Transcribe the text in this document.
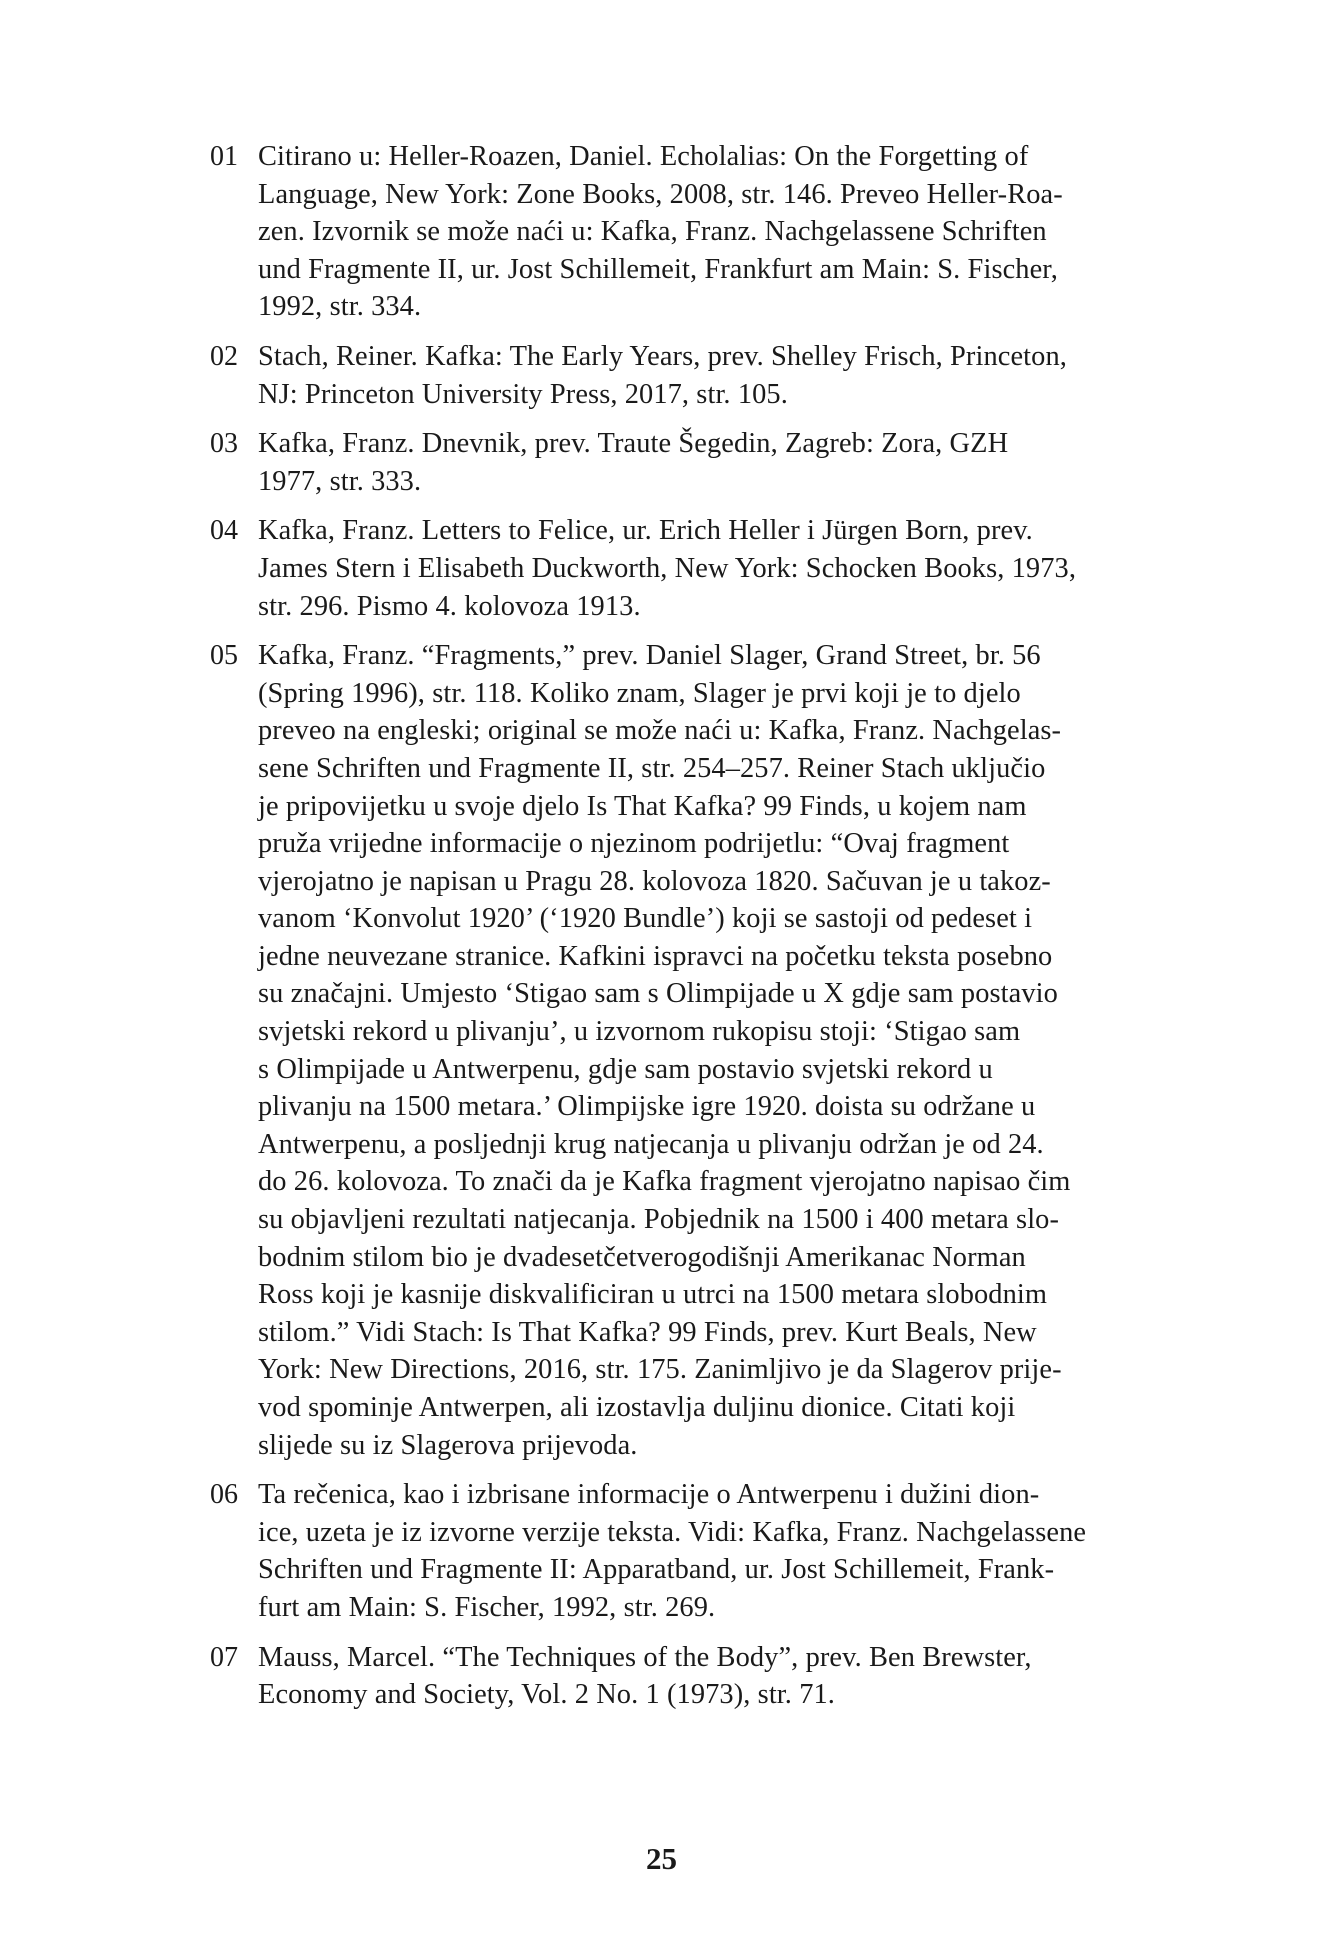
01 Citirano u: Heller-Roazen, Daniel. Echolalias: On the Forgetting of
Language, New York: Zone Books, 2008, str. 146. Preveo Heller-Roa-
zen. Izvornik se može naći u: Kafka, Franz. Nachgelassene Schriften
und Fragmente II, ur. Jost Schillemeit, Frankfurt am Main: S. Fischer,
1992, str. 334.
02 Stach, Reiner. Kafka: The Early Years, prev. Shelley Frisch, Princeton,
NJ: Princeton University Press, 2017, str. 105.
03 Kafka, Franz. Dnevnik, prev. Traute Šegedin, Zagreb: Zora, GZH
1977, str. 333.
04 Kafka, Franz. Letters to Felice, ur. Erich Heller i Jürgen Born, prev.
James Stern i Elisabeth Duckworth, New York: Schocken Books, 1973,
str. 296. Pismo 4. kolovoza 1913.
05 Kafka, Franz. “Fragments,” prev. Daniel Slager, Grand Street, br. 56
(Spring 1996), str. 118. Koliko znam, Slager je prvi koji je to djelo
preveo na engleski; original se može naći u: Kafka, Franz. Nachgelas-
sene Schriften und Fragmente II, str. 254–257. Reiner Stach uključio
je pripovijetku u svoje djelo Is That Kafka? 99 Finds, u kojem nam
pruža vrijedne informacije o njezinom podrijetlu: “Ovaj fragment
vjerojatno je napisan u Pragu 28. kolovoza 1820. Sačuvan je u takoz-
vanom ‘Konvolut 1920’ (‘1920 Bundle’) koji se sastoji od pedeset i
jedne neuvezane stranice. Kafkini ispravci na početku teksta posebno
su značajni. Umjesto ‘Stigao sam s Olimpijade u X gdje sam postavio
svjetski rekord u plivanju’, u izvornom rukopisu stoji: ‘Stigao sam
s Olimpijade u Antwerpenu, gdje sam postavio svjetski rekord u
plivanju na 1500 metara.’ Olimpijske igre 1920. doista su održane u
Antwerpenu, a posljednji krug natjecanja u plivanju održan je od 24.
do 26. kolovoza. To znači da je Kafka fragment vjerojatno napisao čim
su objavljeni rezultati natjecanja. Pobjednik na 1500 i 400 metara slo-
bodnim stilom bio je dvadesetčetverogodišnji Amerikanac Norman
Ross koji je kasnije diskvalificiran u utrci na 1500 metara slobodnim
stilom.” Vidi Stach: Is That Kafka? 99 Finds, prev. Kurt Beals, New
York: New Directions, 2016, str. 175. Zanimljivo je da Slagerov prije-
vod spominje Antwerpen, ali izostavlja duljinu dionice. Citati koji
slijede su iz Slagerova prijevoda.
06 Ta rečenica, kao i izbrisane informacije o Antwerpenu i dužini dion-
ice, uzeta je iz izvorne verzije teksta. Vidi: Kafka, Franz. Nachgelassene
Schriften und Fragmente II: Apparatband, ur. Jost Schillemeit, Frank-
furt am Main: S. Fischer, 1992, str. 269.
07 Mauss, Marcel. “The Techniques of the Body”, prev. Ben Brewster,
Economy and Society, Vol. 2 No. 1 (1973), str. 71.
25
